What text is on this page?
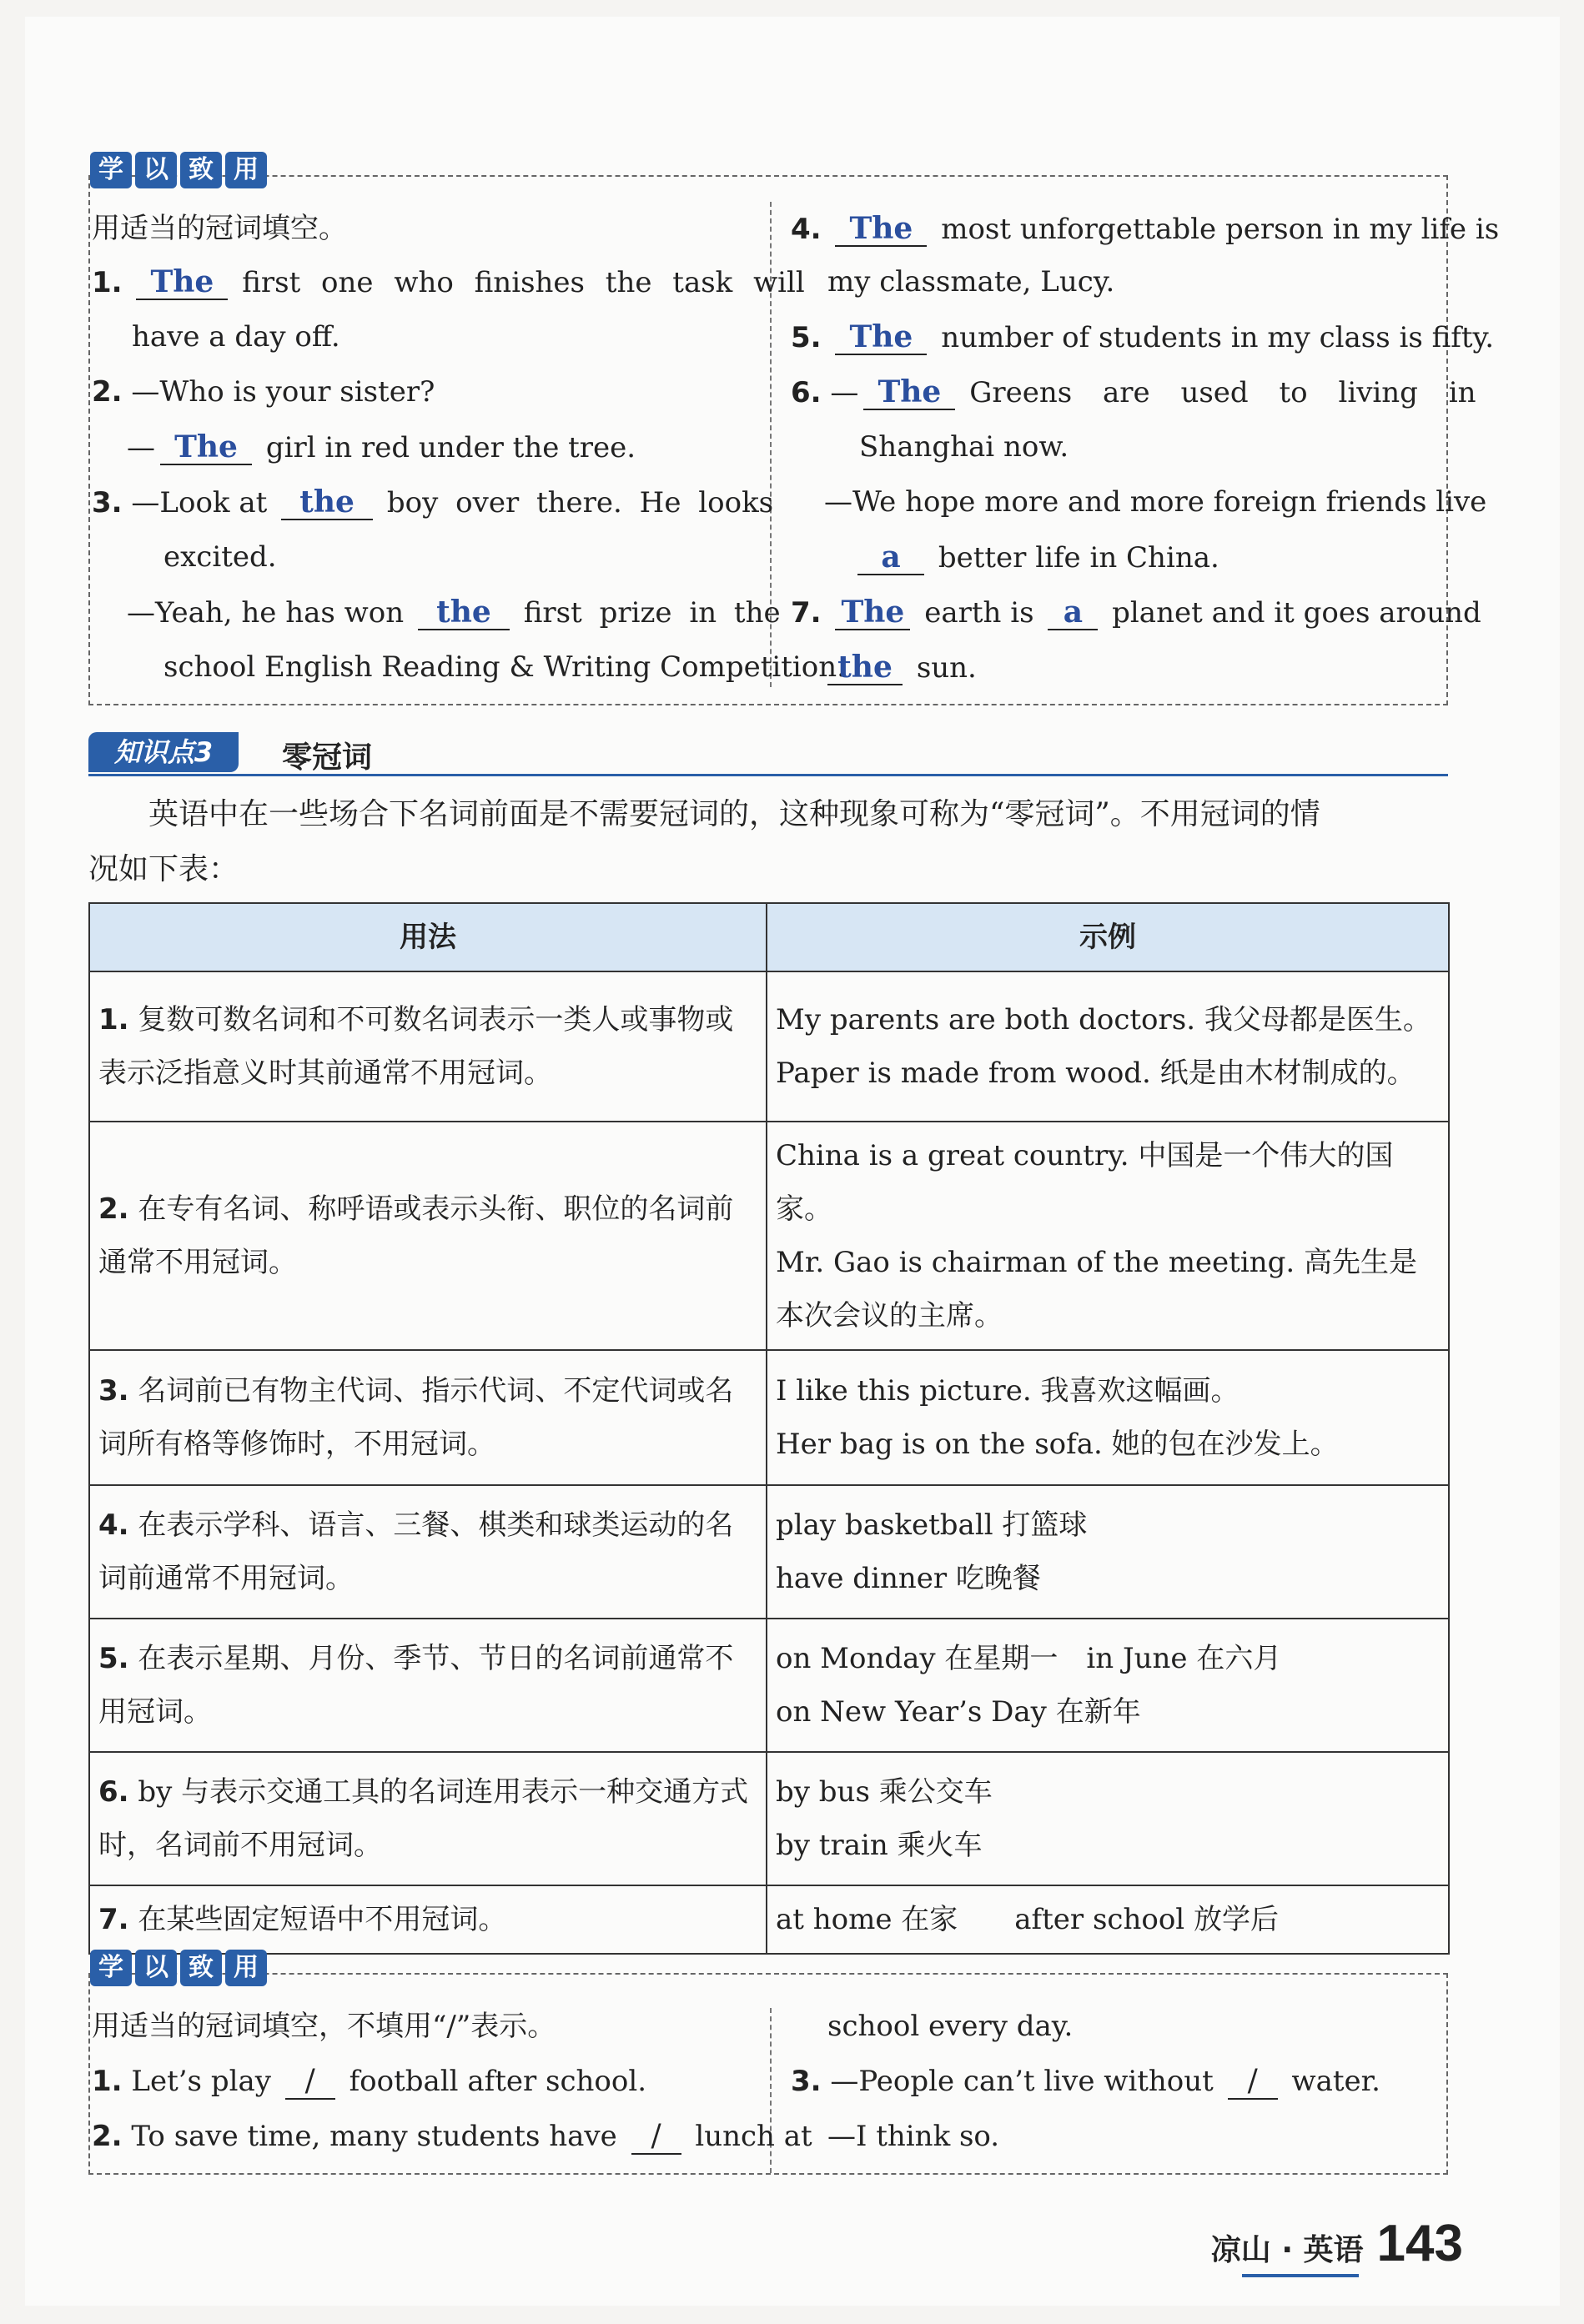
学 以 致 用
用适当的冠词填空。
1. The first one who finishes the task will
have a day off.
2. —Who is your sister?
— The girl in red under the tree.
3. —Look at the boy over there. He looks
excited.
—Yeah, he has won the first prize in the
school English Reading & Writing Competition.
4. The most unforgettable person in my life is
my classmate, Lucy.
5. The number of students in my class is fifty.
6. — The Greens are used to living in
Shanghai now.
—We hope more and more foreign friends live
a better life in China.
7. The earth is a planet and it goes around
the sun.
知识点3	零冠词
英语中在一些场合下名词前面是不需要冠词的，这种现象可称为“零冠词”。不用冠词的情
况如下表：
用法	示例
1. 复数可数名词和不可数名词表示一类人或事物或表示泛指意义时其前通常不用冠词。	My parents are both doctors. 我父母都是医生。
Paper is made from wood. 纸是由木材制成的。

2. 在专有名词、称呼语或表示头衔、职位的名词前通常不用冠词。	China is a great country. 中国是一个伟大的国家。
Mr. Gao is chairman of the meeting. 高先生是本次会议的主席。

3. 名词前已有物主代词、指示代词、不定代词或名词所有格等修饰时，不用冠词。	I like this picture. 我喜欢这幅画。
Her bag is on the sofa. 她的包在沙发上。

4. 在表示学科、语言、三餐、棋类和球类运动的名词前通常不用冠词。	play basketball 打篮球
have dinner 吃晚餐

5. 在表示星期、月份、季节、节日的名词前通常不用冠词。	on Monday 在星期一　in June 在六月
on New Year’s Day 在新年

6. by 与表示交通工具的名词连用表示一种交通方式时，名词前不用冠词。	by bus 乘公交车
by train 乘火车

7. 在某些固定短语中不用冠词。	at home 在家　　after school 放学后
学 以 致 用
用适当的冠词填空，不填用“/”表示。
1. Let’s play / football after school.
2. To save time, many students have / lunch at
school every day.
3. —People can’t live without / water.
—I think so.
凉山 · 英语 143
